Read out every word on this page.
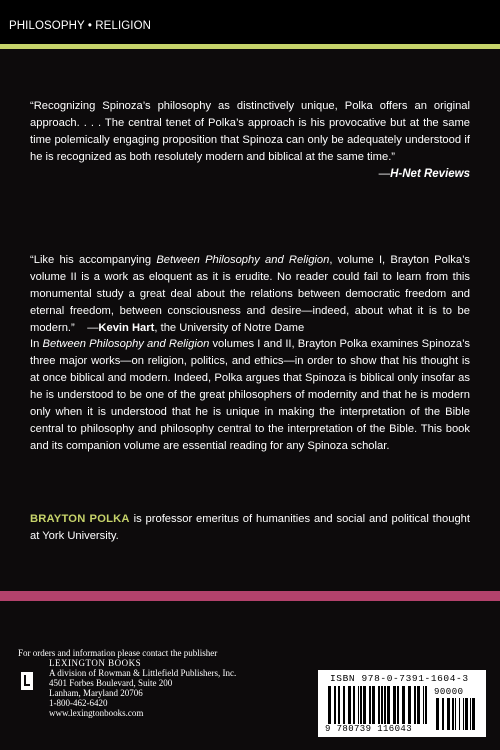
PHILOSOPHY • RELIGION
“Recognizing Spinoza’s philosophy as distinctively unique, Polka offers an original approach. . . . The central tenet of Polka’s approach is his provocative but at the same time polemically engaging proposition that Spinoza can only be adequately understood if he is recognized as both resolutely modern and biblical at the same time.”
—H-Net Reviews
“Like his accompanying Between Philosophy and Religion, volume I, Brayton Polka’s volume II is a work as eloquent as it is erudite. No reader could fail to learn from this monumental study a great deal about the relations between democratic freedom and eternal freedom, between consciousness and desire—indeed, about what it is to be modern.” —Kevin Hart, the University of Notre Dame
In Between Philosophy and Religion volumes I and II, Brayton Polka examines Spinoza’s three major works—on religion, politics, and ethics—in order to show that his thought is at once biblical and modern. Indeed, Polka argues that Spinoza is biblical only insofar as he is understood to be one of the great philosophers of modernity and that he is modern only when it is understood that he is unique in making the interpretation of the Bible central to philosophy and philosophy central to the interpretation of the Bible. This book and its companion volume are essential reading for any Spinoza scholar.
BRAYTON POLKA is professor emeritus of humanities and social and political thought at York University.
For orders and information please contact the publisher
LEXINGTON BOOKS
A division of Rowman & Littlefield Publishers, Inc.
4501 Forbes Boulevard, Suite 200
Lanham, Maryland 20706
1-800-462-6420
www.lexingtonbooks.com
ISBN 978-0-7391-1604-3
90000
9 780739 116043
